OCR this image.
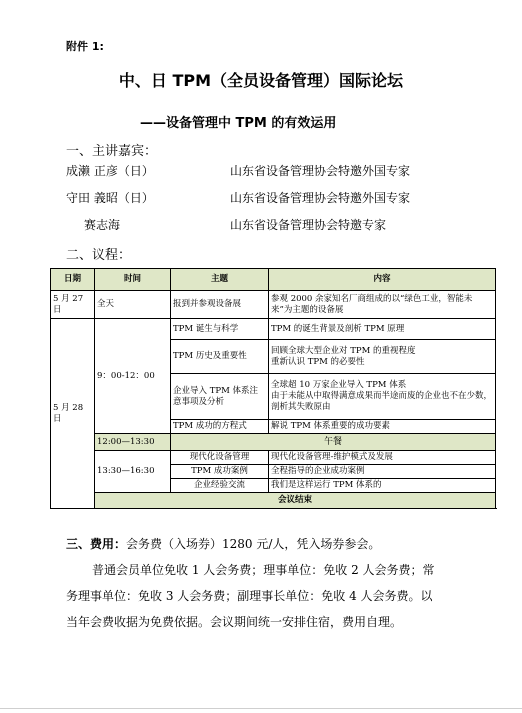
附件 1:
中、日 TPM（全员设备管理）国际论坛
——设备管理中 TPM 的有效运用
一、主讲嘉宾：
成濑 正彦（日）	山东省设备管理协会特邀外国专家
守田 義昭（日）	山东省设备管理协会特邀外国专家
赛志海	山东省设备管理协会特邀专家
二、议程：
日期	时间	主题	内容
5 月 27 日	全天	报到并参观设备展	参观 2000 余家知名厂商组成的以“绿色工业，智能未来”为主题的设备展
5 月 28 日	9：00-12：00	TPM 诞生与科学	TPM 的诞生背景及剖析 TPM 原理
		TPM 历史及重要性	回顾全球大型企业对 TPM 的重视程度
重新认识 TPM 的必要性
		企业导入 TPM 体系注意事项及分析	全球超 10 万家企业导入 TPM 体系
由于未能从中取得满意成果而半途而废的企业也不在少数，剖析其失败原由
		TPM 成功的方程式	解说 TPM 体系重要的成功要素
	12:00—13:30	午餐	
	13:30—16:30	现代化设备管理	现代化设备管理-维护模式及发展
		TPM 成功案例	全程指导的企业成功案例
		企业经验交流	我们是这样运行 TPM 体系的
	会议结束		
三、费用：会务费（入场券）1280 元/人，凭入场券参会。
普通会员单位免收 1 人会务费；理事单位：免收 2 人会务费；常
务理事单位：免收 3 人会务费；副理事长单位：免收 4 人会务费。以
当年会费收据为免费依据。会议期间统一安排住宿，费用自理。
